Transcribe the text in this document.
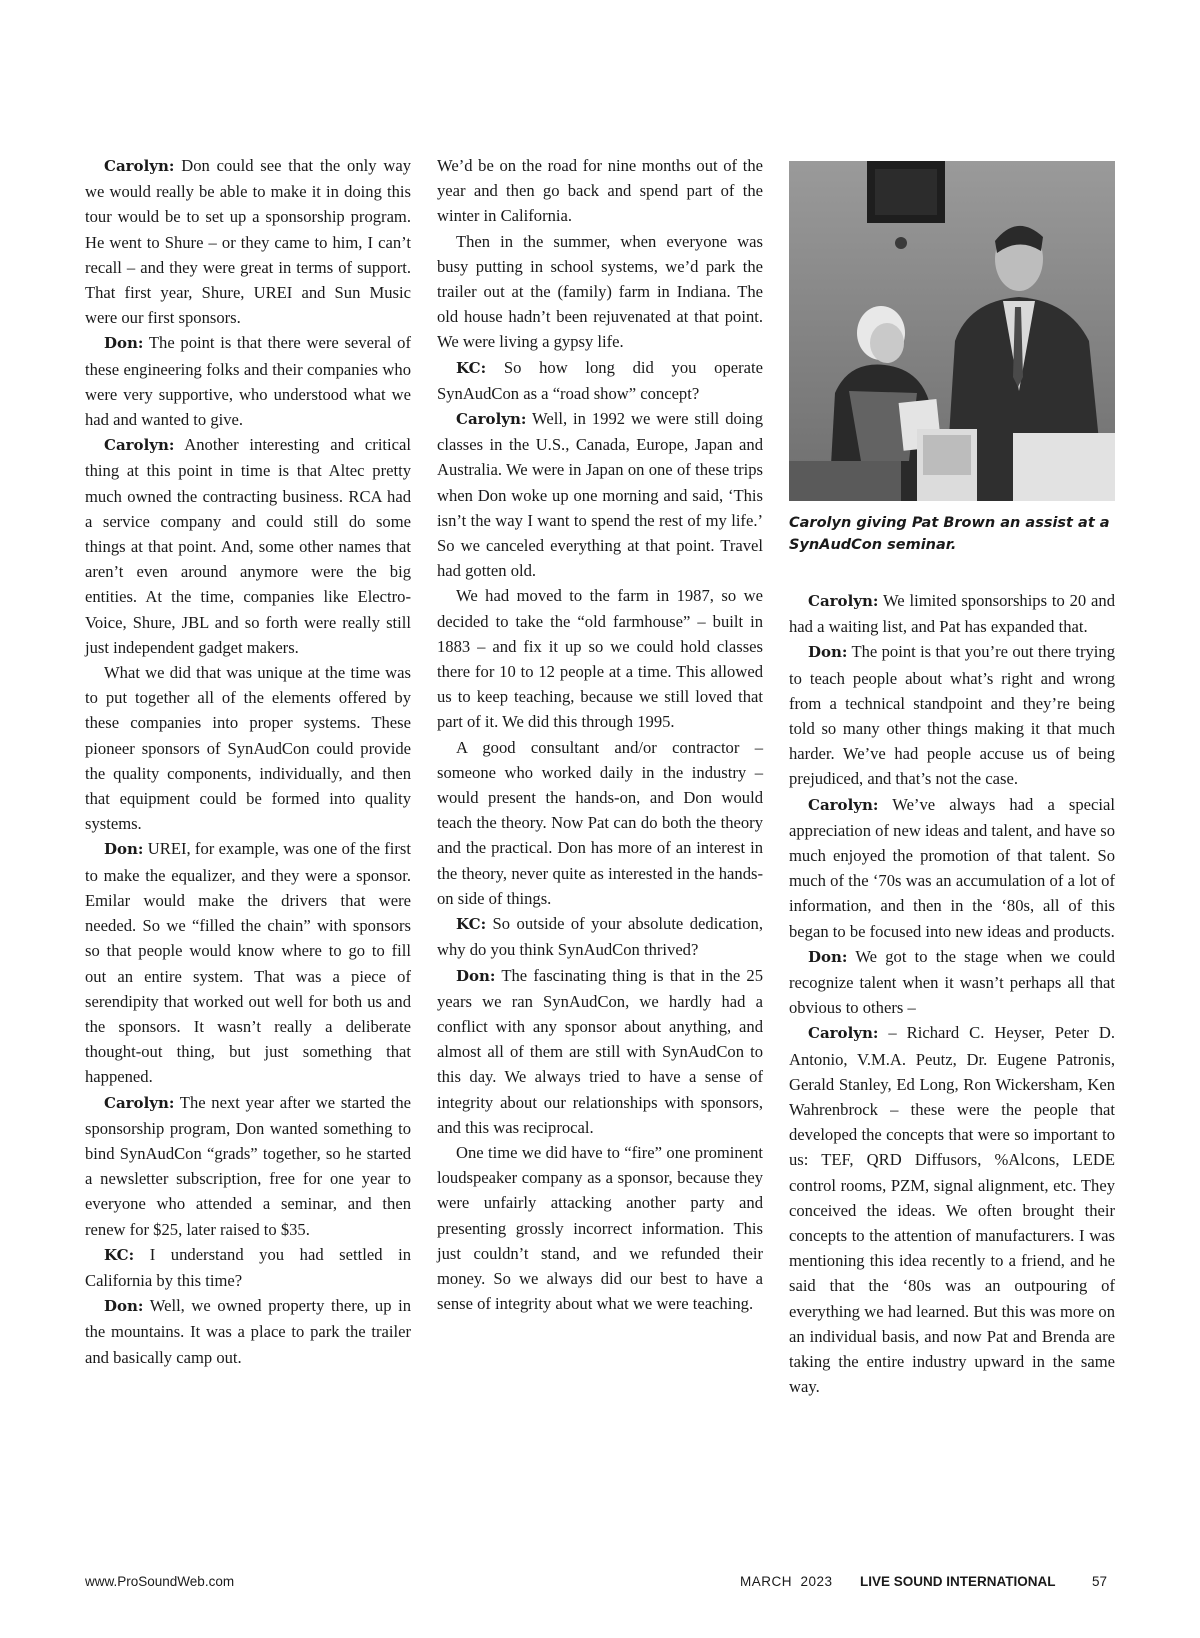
Carolyn: Don could see that the only way we would really be able to make it in doing this tour would be to set up a sponsorship program. He went to Shure – or they came to him, I can’t recall – and they were great in terms of support. That first year, Shure, UREI and Sun Music were our first sponsors.

Don: The point is that there were several of these engineering folks and their companies who were very supportive, who understood what we had and wanted to give.

Carolyn: Another interesting and critical thing at this point in time is that Altec pretty much owned the contracting business. RCA had a service company and could still do some things at that point. And, some other names that aren’t even around anymore were the big entities. At the time, companies like Electro-Voice, Shure, JBL and so forth were really still just independent gadget makers.

What we did that was unique at the time was to put together all of the elements offered by these companies into proper systems. These pioneer sponsors of SynAudCon could provide the quality components, individually, and then that equipment could be formed into quality systems.

Don: UREI, for example, was one of the first to make the equalizer, and they were a sponsor. Emilar would make the drivers that were needed. So we “filled the chain” with sponsors so that people would know where to go to fill out an entire system. That was a piece of serendipity that worked out well for both us and the sponsors. It wasn’t really a deliberate thought-out thing, but just something that happened.

Carolyn: The next year after we started the sponsorship program, Don wanted something to bind SynAudCon “grads” together, so he started a newsletter subscription, free for one year to everyone who attended a seminar, and then renew for $25, later raised to $35.

KC: I understand you had settled in California by this time?

Don: Well, we owned property there, up in the mountains. It was a place to park the trailer and basically camp out.

We’d be on the road for nine months out of the year and then go back and spend part of the winter in California.

Then in the summer, when everyone was busy putting in school systems, we’d park the trailer out at the (family) farm in Indiana. The old house hadn’t been rejuvenated at that point. We were living a gypsy life.

KC: So how long did you operate SynAudCon as a “road show” concept?

Carolyn: Well, in 1992 we were still doing classes in the U.S., Canada, Europe, Japan and Australia. We were in Japan on one of these trips when Don woke up one morning and said, ‘This isn’t the way I want to spend the rest of my life.’ So we canceled everything at that point. Travel had gotten old.

We had moved to the farm in 1987, so we decided to take the “old farmhouse” – built in 1883 – and fix it up so we could hold classes there for 10 to 12 people at a time. This allowed us to keep teaching, because we still loved that part of it. We did this through 1995.

A good consultant and/or contractor – someone who worked daily in the industry – would present the hands-on, and Don would teach the theory. Now Pat can do both the theory and the practical. Don has more of an interest in the theory, never quite as interested in the hands-on side of things.

KC: So outside of your absolute dedication, why do you think SynAudCon thrived?

Don: The fascinating thing is that in the 25 years we ran SynAudCon, we hardly had a conflict with any sponsor about anything, and almost all of them are still with SynAudCon to this day. We always tried to have a sense of integrity about our relationships with sponsors, and this was reciprocal.

One time we did have to “fire” one prominent loudspeaker company as a sponsor, because they were unfairly attacking another party and presenting grossly incorrect information. This just couldn’t stand, and we refunded their money. So we always did our best to have a sense of integrity about what we were teaching.

Carolyn giving Pat Brown an assist at a SynAudCon seminar.

Carolyn: We limited sponsorships to 20 and had a waiting list, and Pat has expanded that.

Don: The point is that you’re out there trying to teach people about what’s right and wrong from a technical standpoint and they’re being told so many other things making it that much harder. We’ve had people accuse us of being prejudiced, and that’s not the case.

Carolyn: We’ve always had a special appreciation of new ideas and talent, and have so much enjoyed the promotion of that talent. So much of the ‘70s was an accumulation of a lot of information, and then in the ‘80s, all of this began to be focused into new ideas and products.

Don: We got to the stage when we could recognize talent when it wasn’t perhaps all that obvious to others –

Carolyn: – Richard C. Heyser, Peter D. Antonio, V.M.A. Peutz, Dr. Eugene Patronis, Gerald Stanley, Ed Long, Ron Wickersham, Ken Wahrenbrock – these were the people that developed the concepts that were so important to us: TEF, QRD Diffusors, %Alcons, LEDE control rooms, PZM, signal alignment, etc. They conceived the ideas. We often brought their concepts to the attention of manufacturers. I was mentioning this idea recently to a friend, and he said that the ‘80s was an outpouring of everything we had learned. But this was more on an individual basis, and now Pat and Brenda are taking the entire industry upward in the same way.

www.ProSoundWeb.com	MARCH  2023 LIVE SOUND INTERNATIONAL	57
